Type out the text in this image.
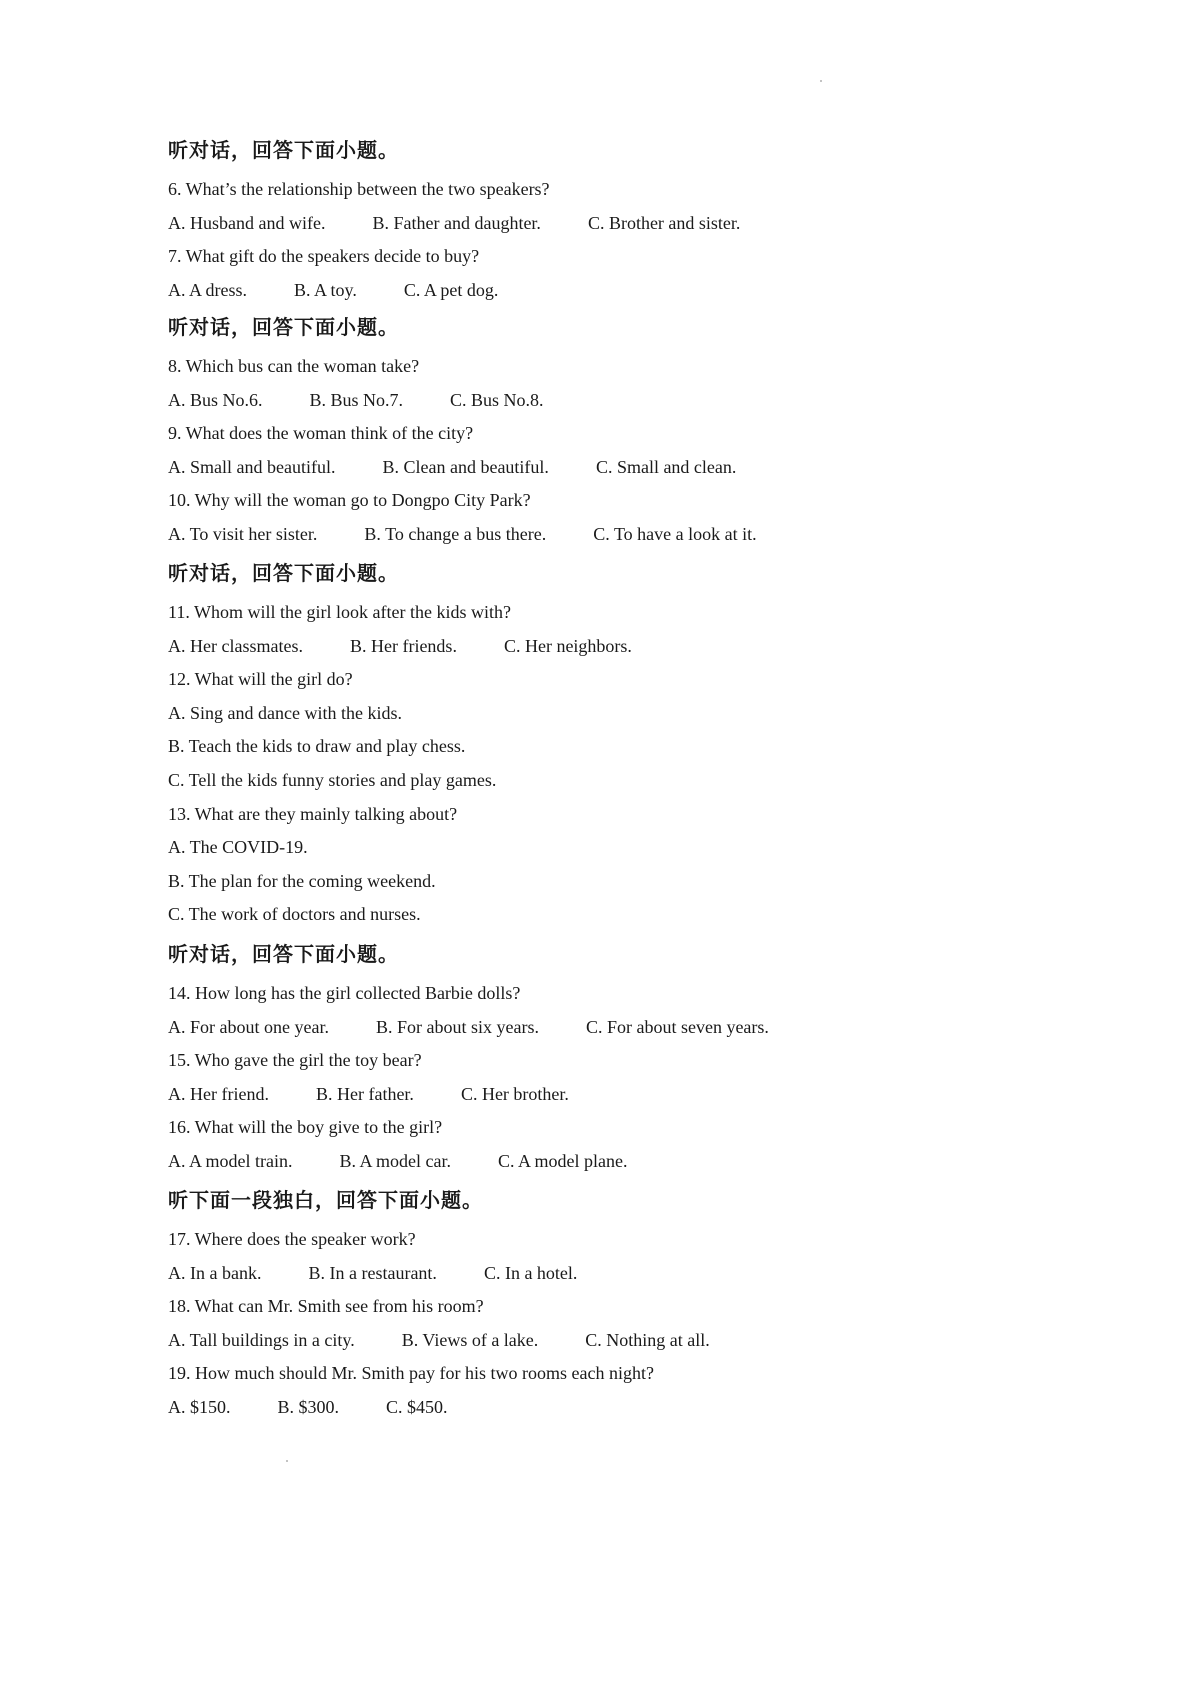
听对话，回答下面小题。
6. What’s the relationship between the two speakers?
A. Husband and wife.	B. Father and daughter.	C. Brother and sister.
7. What gift do the speakers decide to buy?
A. A dress.	B. A toy.	C. A pet dog.
听对话，回答下面小题。
8. Which bus can the woman take?
A. Bus No.6.	B. Bus No.7.	C. Bus No.8.
9. What does the woman think of the city?
A. Small and beautiful.	B. Clean and beautiful.	C. Small and clean.
10. Why will the woman go to Dongpo City Park?
A. To visit her sister.	B. To change a bus there.	C. To have a look at it.
听对话，回答下面小题。
11. Whom will the girl look after the kids with?
A. Her classmates.	B. Her friends.	C. Her neighbors.
12. What will the girl do?
A. Sing and dance with the kids.
B. Teach the kids to draw and play chess.
C. Tell the kids funny stories and play games.
13. What are they mainly talking about?
A. The COVID-19.
B. The plan for the coming weekend.
C. The work of doctors and nurses.
听对话，回答下面小题。
14. How long has the girl collected Barbie dolls?
A. For about one year.	B. For about six years.	C. For about seven years.
15. Who gave the girl the toy bear?
A. Her friend.	B. Her father.	C. Her brother.
16. What will the boy give to the girl?
A. A model train.	B. A model car.	C. A model plane.
听下面一段独白，回答下面小题。
17. Where does the speaker work?
A. In a bank.	B. In a restaurant.	C. In a hotel.
18. What can Mr. Smith see from his room?
A. Tall buildings in a city.	B. Views of a lake.	C. Nothing at all.
19. How much should Mr. Smith pay for his two rooms each night?
A. $150.	B. $300.	C. $450.
